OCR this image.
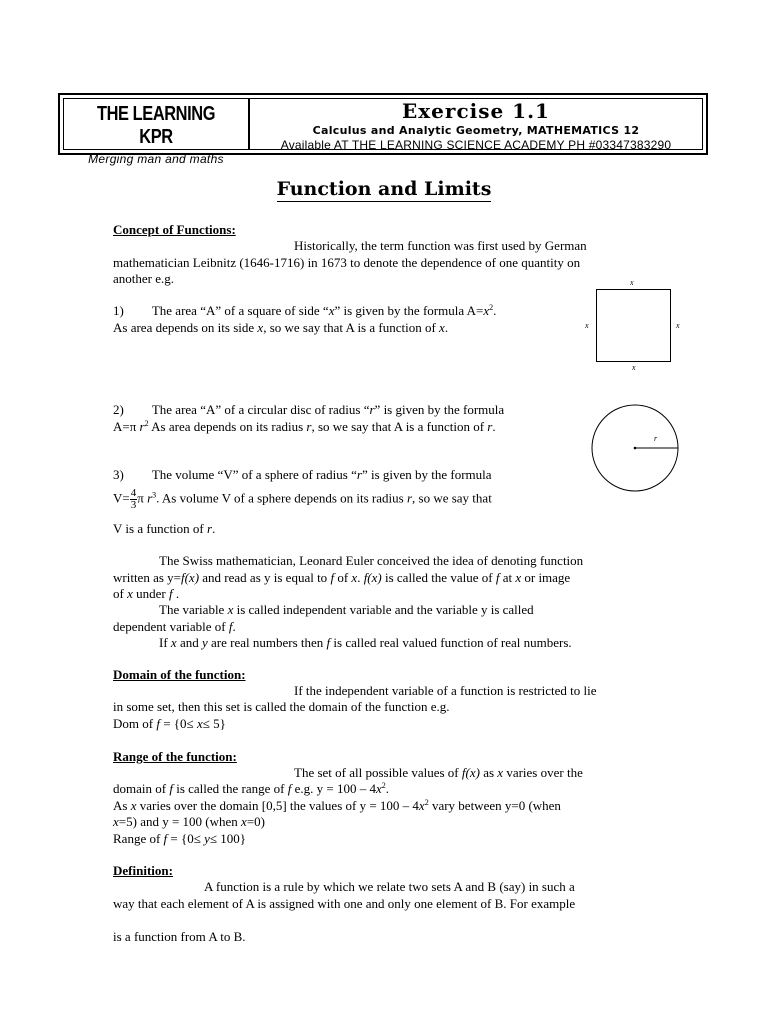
THE LEARNING KPR
Merging man and maths
Exercise 1.1
Calculus and Analytic Geometry, MATHEMATICS 12
Available AT THE LEARNING SCIENCE ACADEMY PH #03347383290
Function and Limits
Concept of Functions:
Historically, the term function was first used by German
mathematician Leibnitz (1646-1716) in 1673 to denote the dependence of one quantity on
another e.g.
1) The area “A” of a square of side “x” is given by the formula $A=x^2$.
As area depends on its side x, so we say that A is a function of x.
x
x	x
x
2) The area “A” of a circular disc of radius “r” is given by the formula
A=π $r^2$ As area depends on its radius r, so we say that A is a function of r.
r
3) The volume “V” of a sphere of radius “r” is given by the formula
$V= \frac{4}{3}$ π $r^3$. As volume V of a sphere depends on its radius r, so we say that
V is a function of r.
The Swiss mathematician, Leonard Euler conceived the idea of denoting function
written as y=f(x) and read as y is equal to f of x. f(x) is called the value of f at x or image
of x under f .
The variable x is called independent variable and the variable y is called
dependent variable of f.
If x and y are real numbers then f is called real valued function of real numbers.
Domain of the function:
If the independent variable of a function is restricted to lie
in some set, then this set is called the domain of the function e.g.
Dom of f = {0≤ x≤ 5}
Range of the function:
The set of all possible values of f(x) as x varies over the
domain of f is called the range of f e.g. $y = 100 - 4x^2$.
As x varies over the domain [0,5] the values of $y = 100 - 4x^2$ vary between y=0 (when
x=5) and y = 100 (when x=0)
Range of f = {0≤ y≤ 100}
Definition:
A function is a rule by which we relate two sets A and B (say) in such a
way that each element of A is assigned with one and only one element of B. For example
is a function from A to B.
